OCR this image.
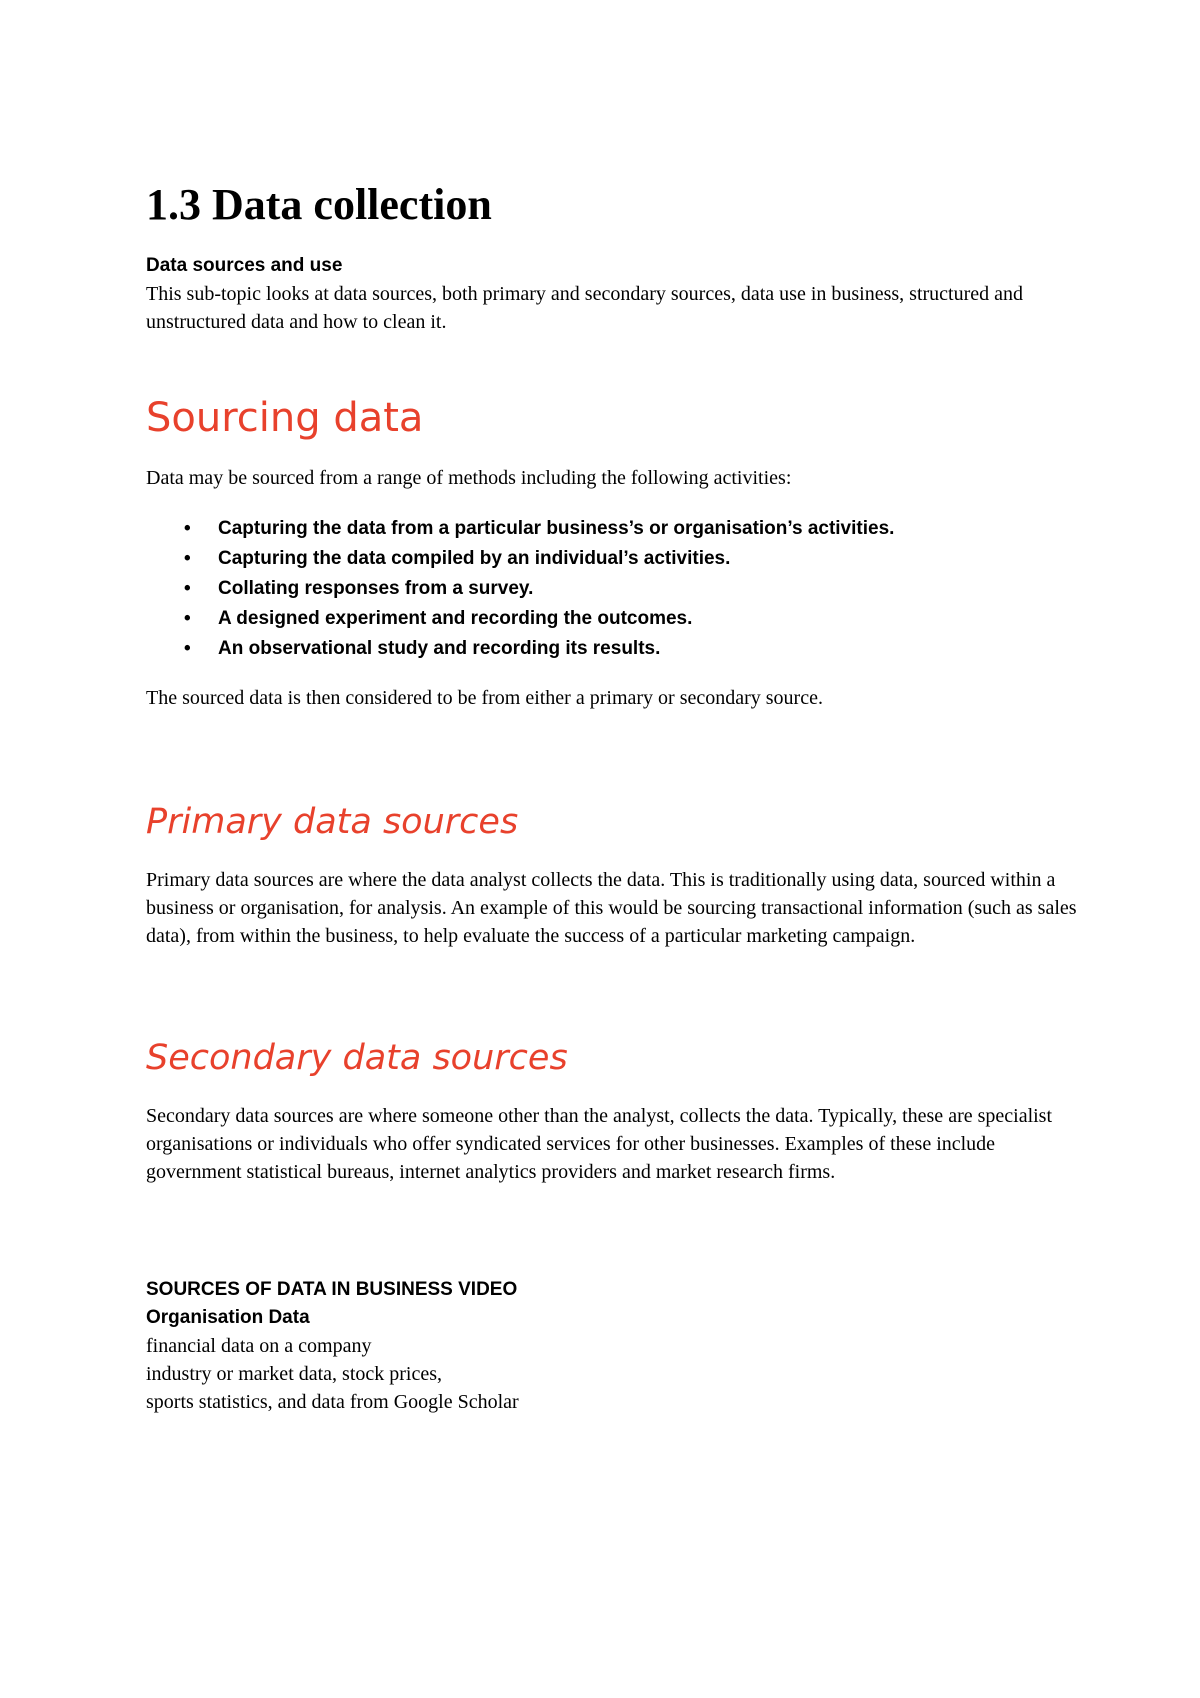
1.3 Data collection
Data sources and use

This sub-topic looks at data sources, both primary and secondary sources, data use in business, structured and unstructured data and how to clean it.

Sourcing data

Data may be sourced from a range of methods including the following activities:

• Capturing the data from a particular business’s or organisation’s activities.
• Capturing the data compiled by an individual’s activities.
• Collating responses from a survey.
• A designed experiment and recording the outcomes.
• An observational study and recording its results.

The sourced data is then considered to be from either a primary or secondary source.

Primary data sources

Primary data sources are where the data analyst collects the data. This is traditionally using data, sourced within a business or organisation, for analysis. An example of this would be sourcing transactional information (such as sales data), from within the business, to help evaluate the success of a particular marketing campaign.

Secondary data sources

Secondary data sources are where someone other than the analyst, collects the data. Typically, these are specialist organisations or individuals who offer syndicated services for other businesses. Examples of these include government statistical bureaus, internet analytics providers and market research firms.

SOURCES OF DATA IN BUSINESS VIDEO
Organisation Data

financial data on a company

industry or market data, stock prices,

sports statistics, and data from Google Scholar
